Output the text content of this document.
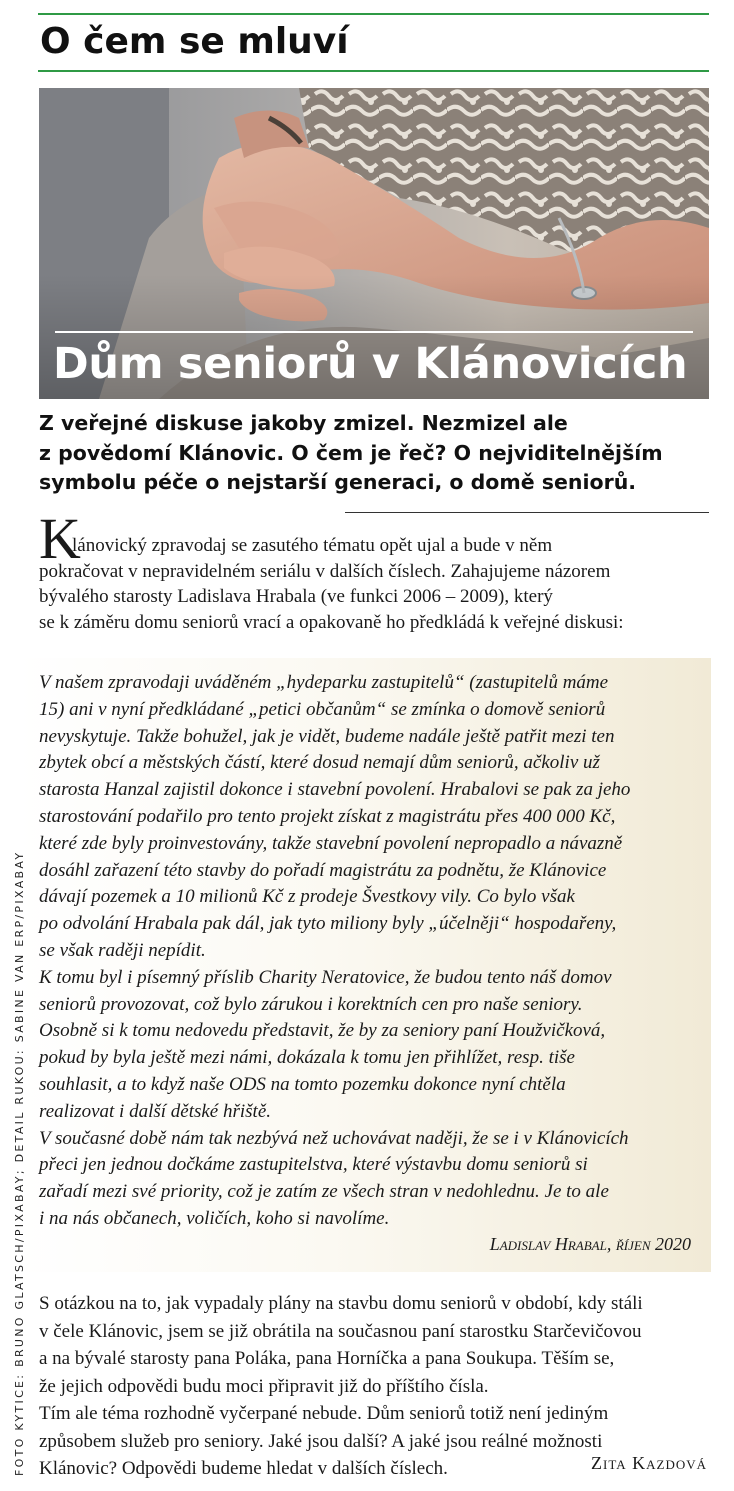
O čem se mluví
Dům seniorů v Klánovicích

Z veřejné diskuse jakoby zmizel. Nezmizel ale
z povědomí Klánovic. O čem je řeč? O nejviditelnějším
symbolu péče o nejstarší generaci, o domě seniorů.

K
lánovický zpravodaj se zasutého tématu opět ujal a bude v něm
pokračovat v nepravidelném seriálu v dalších číslech. Zahajujeme názorem
bývalého starosty Ladislava Hrabala (ve funkci 2006 – 2009), který
se k záměru domu seniorů vrací a opakovaně ho předkládá k veřejné diskusi:
V našem zpravodaji uváděném „hydeparku zastupitelů“ (zastupitelů máme
15) ani v nyní předkládané „petici občanům“ se zmínka o domově seniorů
nevyskytuje. Takže bohužel, jak je vidět, budeme nadále ještě patřit mezi ten
zbytek obcí a městských částí, které dosud nemají dům seniorů, ačkoliv už
starosta Hanzal zajistil dokonce i stavební povolení. Hrabalovi se pak za jeho
starostování podařilo pro tento projekt získat z magistrátu přes 400 000 Kč,
které zde byly proinvestovány, takže stavební povolení nepropadlo a návazně
dosáhl zařazení této stavby do pořadí magistrátu za podnětu, že Klánovice
dávají pozemek a 10 milionů Kč z prodeje Švestkovy vily. Co bylo však
po odvolání Hrabala pak dál, jak tyto miliony byly „účelněji“ hospodařeny,
se však raději nepídit.
K tomu byl i písemný příslib Charity Neratovice, že budou tento náš domov
seniorů provozovat, což bylo zárukou i korektních cen pro naše seniory.
Osobně si k tomu nedovedu představit, že by za seniory paní Houžvičková,
pokud by byla ještě mezi námi, dokázala k tomu jen přihlížet, resp. tiše
souhlasit, a to když naše ODS na tomto pozemku dokonce nyní chtěla
realizovat i další dětské hřiště.
V současné době nám tak nezbývá než uchovávat naději, že se i v Klánovicích
přeci jen jednou dočkáme zastupitelstva, které výstavbu domu seniorů si
zařadí mezi své priority, což je zatím ze všech stran v nedohlednu. Je to ale
i na nás občanech, voličích, koho si navolíme.
Ladislav Hrabal, říjen 2020
S otázkou na to, jak vypadaly plány na stavbu domu seniorů v období, kdy stáli
v čele Klánovic, jsem se již obrátila na současnou paní starostku Starčevičovou
a na bývalé starosty pana Poláka, pana Horníčka a pana Soukupa. Těším se,
že jejich odpovědi budu moci připravit již do příštího čísla.
Tím ale téma rozhodně vyčerpané nebude. Dům seniorů totiž není jediným
způsobem služeb pro seniory. Jaké jsou další? A jaké jsou reálné možnosti
Klánovic? Odpovědi budeme hledat v dalších číslech.	Zita Kazdová
FOTO KYTICE: BRUNO GLATSCH/PIXABAY; DETAIL RUKOU: SABINE VAN ERP/PIXABAY
